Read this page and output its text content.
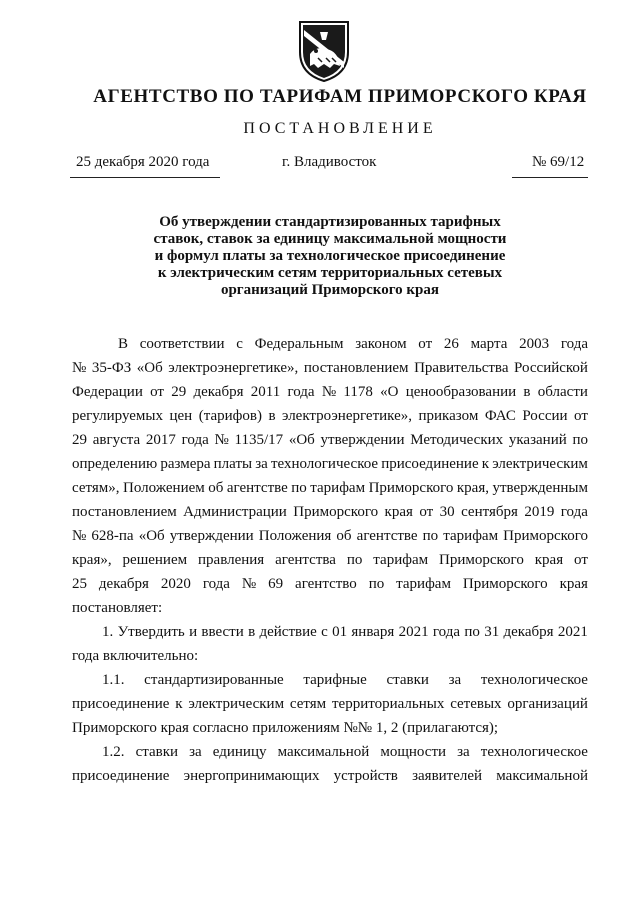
АГЕНТСТВО ПО ТАРИФАМ ПРИМОРСКОГО КРАЯ
ПОСТАНОВЛЕНИЕ
25 декабря 2020 года	г. Владивосток	№ 69/12
Об утверждении стандартизированных тарифных
ставок, ставок за единицу максимальной мощности
и формул платы за технологическое присоединение
к электрическим сетям территориальных сетевых
организаций Приморского края
В соответствии с Федеральным законом от 26 марта 2003 года
№ 35-ФЗ «Об электроэнергетике», постановлением Правительства Российской
Федерации от 29 декабря 2011 года № 1178 «О ценообразовании в области
регулируемых цен (тарифов) в электроэнергетике», приказом ФАС России от
29 августа 2017 года № 1135/17 «Об утверждении Методических указаний по
определению размера платы за технологическое присоединение к электрическим
сетям», Положением об агентстве по тарифам Приморского края, утвержденным
постановлением Администрации Приморского края от 30 сентября 2019 года
№ 628-па «Об утверждении Положения об агентстве по тарифам Приморского
края», решением правления агентства по тарифам Приморского края от
25 декабря 2020 года № 69 агентство по тарифам Приморского края
постановляет:
1. Утвердить и ввести в действие с 01 января 2021 года по 31 декабря 2021
года включительно:
1.1. стандартизированные тарифные ставки за технологическое
присоединение к электрическим сетям территориальных сетевых организаций
Приморского края согласно приложениям №№ 1, 2 (прилагаются);
1.2. ставки за единицу максимальной мощности за технологическое
присоединение энергопринимающих устройств заявителей максимальной
